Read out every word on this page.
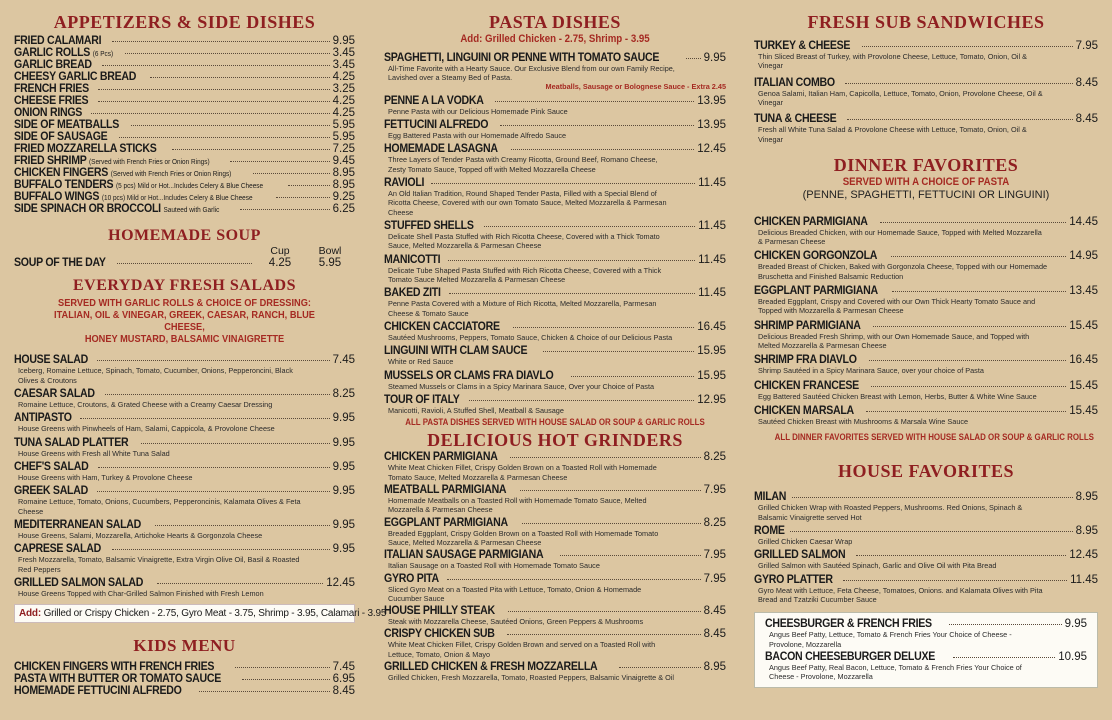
APPETIZERS & SIDE DISHES
FRIED CALAMARI	9.95
GARLIC ROLLS (6 Pcs)	3.45
GARLIC BREAD	3.45
CHEESY GARLIC BREAD	4.25
FRENCH FRIES	3.25
CHEESE FRIES	4.25
ONION RINGS	4.25
SIDE OF MEATBALLS	5.95
SIDE OF SAUSAGE	5.95
FRIED MOZZARELLA STICKS	7.25
FRIED SHRIMP (Served with French Fries or Onion Rings)	9.45
CHICKEN FINGERS (Served with French Fries or Onion Rings)	8.95
BUFFALO TENDERS (5 pcs) Mild or Hot...Includes Celery & Blue Cheese	8.95
BUFFALO WINGS (10 pcs) Mild or Hot...Includes Celery & Blue Cheese	9.25
SIDE SPINACH OR BROCCOLI Sauteed with Garlic	6.25
HOMEMADE SOUP
Cup	Bowl
SOUP OF THE DAY	4.25	5.95
EVERYDAY FRESH SALADS
SERVED WITH GARLIC ROLLS & CHOICE OF DRESSING:
ITALIAN, OIL & VINEGAR, GREEK, CAESAR, RANCH, BLUE CHEESE,
HONEY MUSTARD, BALSAMIC VINAIGRETTE
HOUSE SALAD	7.45
Iceberg, Romaine Lettuce, Spinach, Tomato, Cucumber, Onions, Pepperoncini, Black Olives & Croutons
CAESAR SALAD	8.25
Romaine Lettuce, Croutons, & Grated Cheese with a Creamy Caesar Dressing
ANTIPASTO	9.95
House Greens with Pinwheels of Ham, Salami, Cappicola, & Provolone Cheese
TUNA SALAD PLATTER	9.95
House Greens with Fresh all White Tuna Salad
CHEF'S SALAD	9.95
House Greens with Ham, Turkey & Provolone Cheese
GREEK SALAD	9.95
Romaine Lettuce, Tomato, Onions, Cucumbers, Pepperoncinis, Kalamata Olives & Feta Cheese
MEDITERRANEAN SALAD	9.95
House Greens, Salami, Mozzarella, Artichoke Hearts & Gorgonzola Cheese
CAPRESE SALAD	9.95
Fresh Mozzarella, Tomato, Balsamic Vinaigrette, Extra Virgin Olive Oil, Basil & Roasted Red Peppers
GRILLED SALMON SALAD	12.45
House Greens Topped with Char-Grilled Salmon Finished with Fresh Lemon
Add: Grilled or Crispy Chicken - 2.75, Gyro Meat - 3.75, Shrimp - 3.95, Calamari - 3.95
KIDS MENU
CHICKEN FINGERS WITH FRENCH FRIES	7.45
PASTA WITH BUTTER OR TOMATO SAUCE	6.95
HOMEMADE FETTUCINI ALFREDO	8.45
PASTA DISHES
Add: Grilled Chicken - 2.75, Shrimp - 3.95
SPAGHETTI, LINGUINI OR PENNE WITH TOMATO SAUCE	9.95
All-Time Favorite with a Hearty Sauce. Our Exclusive Blend from our own Family Recipe, Lavished over a Steamy Bed of Pasta.
Meatballs, Sausage or Bolognese Sauce - Extra 2.45
PENNE A LA VODKA	13.95
Penne Pasta with our Delicious Homemade Pink Sauce
FETTUCINI ALFREDO	13.95
Egg Battered Pasta with our Homemade Alfredo Sauce
HOMEMADE LASAGNA	12.45
Three Layers of Tender Pasta with Creamy Ricotta, Ground Beef, Romano Cheese, Zesty Tomato Sauce, Topped off with Melted Mozzarella Cheese
RAVIOLI	11.45
An Old Italian Tradition, Round Shaped Tender Pasta, Filled with a Special Blend of Ricotta Cheese, Covered with our own Tomato Sauce, Melted Mozzarella & Parmesan Cheese
STUFFED SHELLS	11.45
Delicate Shell Pasta Stuffed with Rich Ricotta Cheese, Covered with a Thick Tomato Sauce, Melted Mozzarella & Parmesan Cheese
MANICOTTI	11.45
Delicate Tube Shaped Pasta Stuffed with Rich Ricotta Cheese, Covered with a Thick Tomato Sauce Melted Mozzarella & Parmesan Cheese
BAKED ZITI	11.45
Penne Pasta Covered with a Mixture of Rich Ricotta, Melted Mozzarella, Parmesan Cheese & Tomato Sauce
CHICKEN CACCIATORE	16.45
Sautéed Mushrooms, Peppers, Tomato Sauce, Chicken & Choice of our Delicious Pasta
LINGUINI WITH CLAM SAUCE	15.95
White or Red Sauce
MUSSELS OR CLAMS FRA DIAVLO	15.95
Steamed Mussels or Clams in a Spicy Marinara Sauce, Over your Choice of Pasta
TOUR OF ITALY	12.95
Manicotti, Ravioli, A Stuffed Shell, Meatball & Sausage
ALL PASTA DISHES SERVED WITH HOUSE SALAD OR SOUP & GARLIC ROLLS
DELICIOUS HOT GRINDERS
CHICKEN PARMIGIANA	8.25
White Meat Chicken Fillet, Crispy Golden Brown on a Toasted Roll with Homemade Tomato Sauce, Melted Mozzarella & Parmesan Cheese
MEATBALL PARMIGIANA	7.95
Homemade Meatballs on a Toasted Roll with Homemade Tomato Sauce, Melted Mozzarella & Parmesan Cheese
EGGPLANT PARMIGIANA	8.25
Breaded Eggplant, Crispy Golden Brown on a Toasted Roll with Homemade Tomato Sauce, Melted Mozzarella & Parmesan Cheese
ITALIAN SAUSAGE PARMIGIANA	7.95
Italian Sausage on a Toasted Roll with Homemade Tomato Sauce
GYRO PITA	7.95
Sliced Gyro Meat on a Toasted Pita with Lettuce, Tomato, Onion & Homemade Cucumber Sauce
HOUSE PHILLY STEAK	8.45
Steak with Mozzarella Cheese, Sautéed Onions, Green Peppers & Mushrooms
CRISPY CHICKEN SUB	8.45
White Meat Chicken Fillet, Crispy Golden Brown and served on a Toasted Roll with Lettuce, Tomato, Onion & Mayo
GRILLED CHICKEN & FRESH MOZZARELLA	8.95
Grilled Chicken, Fresh Mozzarella, Tomato, Roasted Peppers, Balsamic Vinaigrette & Oil
FRESH SUB SANDWICHES
TURKEY & CHEESE	7.95
Thin Sliced Breast of Turkey, with Provolone Cheese, Lettuce, Tomato, Onion, Oil & Vinegar
ITALIAN COMBO	8.45
Genoa Salami, Italian Ham, Capicolla, Lettuce, Tomato, Onion, Provolone Cheese, Oil & Vinegar
TUNA & CHEESE	8.45
Fresh all White Tuna Salad & Provolone Cheese with Lettuce, Tomato, Onion, Oil & Vinegar
DINNER FAVORITES
SERVED WITH A CHOICE OF PASTA
(PENNE, SPAGHETTI, FETTUCINI OR LINGUINI)
CHICKEN PARMIGIANA	14.45
Delicious Breaded Chicken, with our Homemade Sauce, Topped with Melted Mozzarella & Parmesan Cheese
CHICKEN GORGONZOLA	14.95
Breaded Breast of Chicken, Baked with Gorgonzola Cheese, Topped with our Homemade Bruschetta and Finished Balsamic Reduction
EGGPLANT PARMIGIANA	13.45
Breaded Eggplant, Crispy and Covered with our Own Thick Hearty Tomato Sauce and Topped with Mozzarella & Parmesan Cheese
SHRIMP PARMIGIANA	15.45
Delicious Breaded Fresh Shrimp, with our Own Homemade Sauce, and Topped with Melted Mozzarella & Parmesan Cheese
SHRIMP FRA DIAVLO	16.45
Shrimp Sautéed in a Spicy Marinara Sauce, over your choice of Pasta
CHICKEN FRANCESE	15.45
Egg Battered Sautéed Chicken Breast with Lemon, Herbs, Butter & White Wine Sauce
CHICKEN MARSALA	15.45
Sautéed Chicken Breast with Mushrooms & Marsala Wine Sauce
ALL DINNER FAVORITES SERVED WITH HOUSE SALAD OR SOUP & GARLIC ROLLS
HOUSE FAVORITES
MILAN	8.95
Grilled Chicken Wrap with Roasted Peppers, Mushrooms. Red Onions, Spinach & Balsamic Vinaigrette served Hot
ROME	8.95
Grilled Chicken Caesar Wrap
GRILLED SALMON	12.45
Grilled Salmon with Sautéed Spinach, Garlic and Olive Oil with Pita Bread
GYRO PLATTER	11.45
Gyro Meat with Lettuce, Feta Cheese, Tomatoes, Onions. and Kalamata Olives with Pita Bread and Tzatziki Cucumber Sauce
CHEESBURGER & FRENCH FRIES	9.95
Angus Beef Patty, Lettuce, Tomato & French Fries Your Choice of Cheese - Provolone, Mozzarella
BACON CHEESEBURGER DELUXE	10.95
Angus Beef Patty, Real Bacon, Lettuce, Tomato & French Fries Your Choice of Cheese - Provolone, Mozzarella
